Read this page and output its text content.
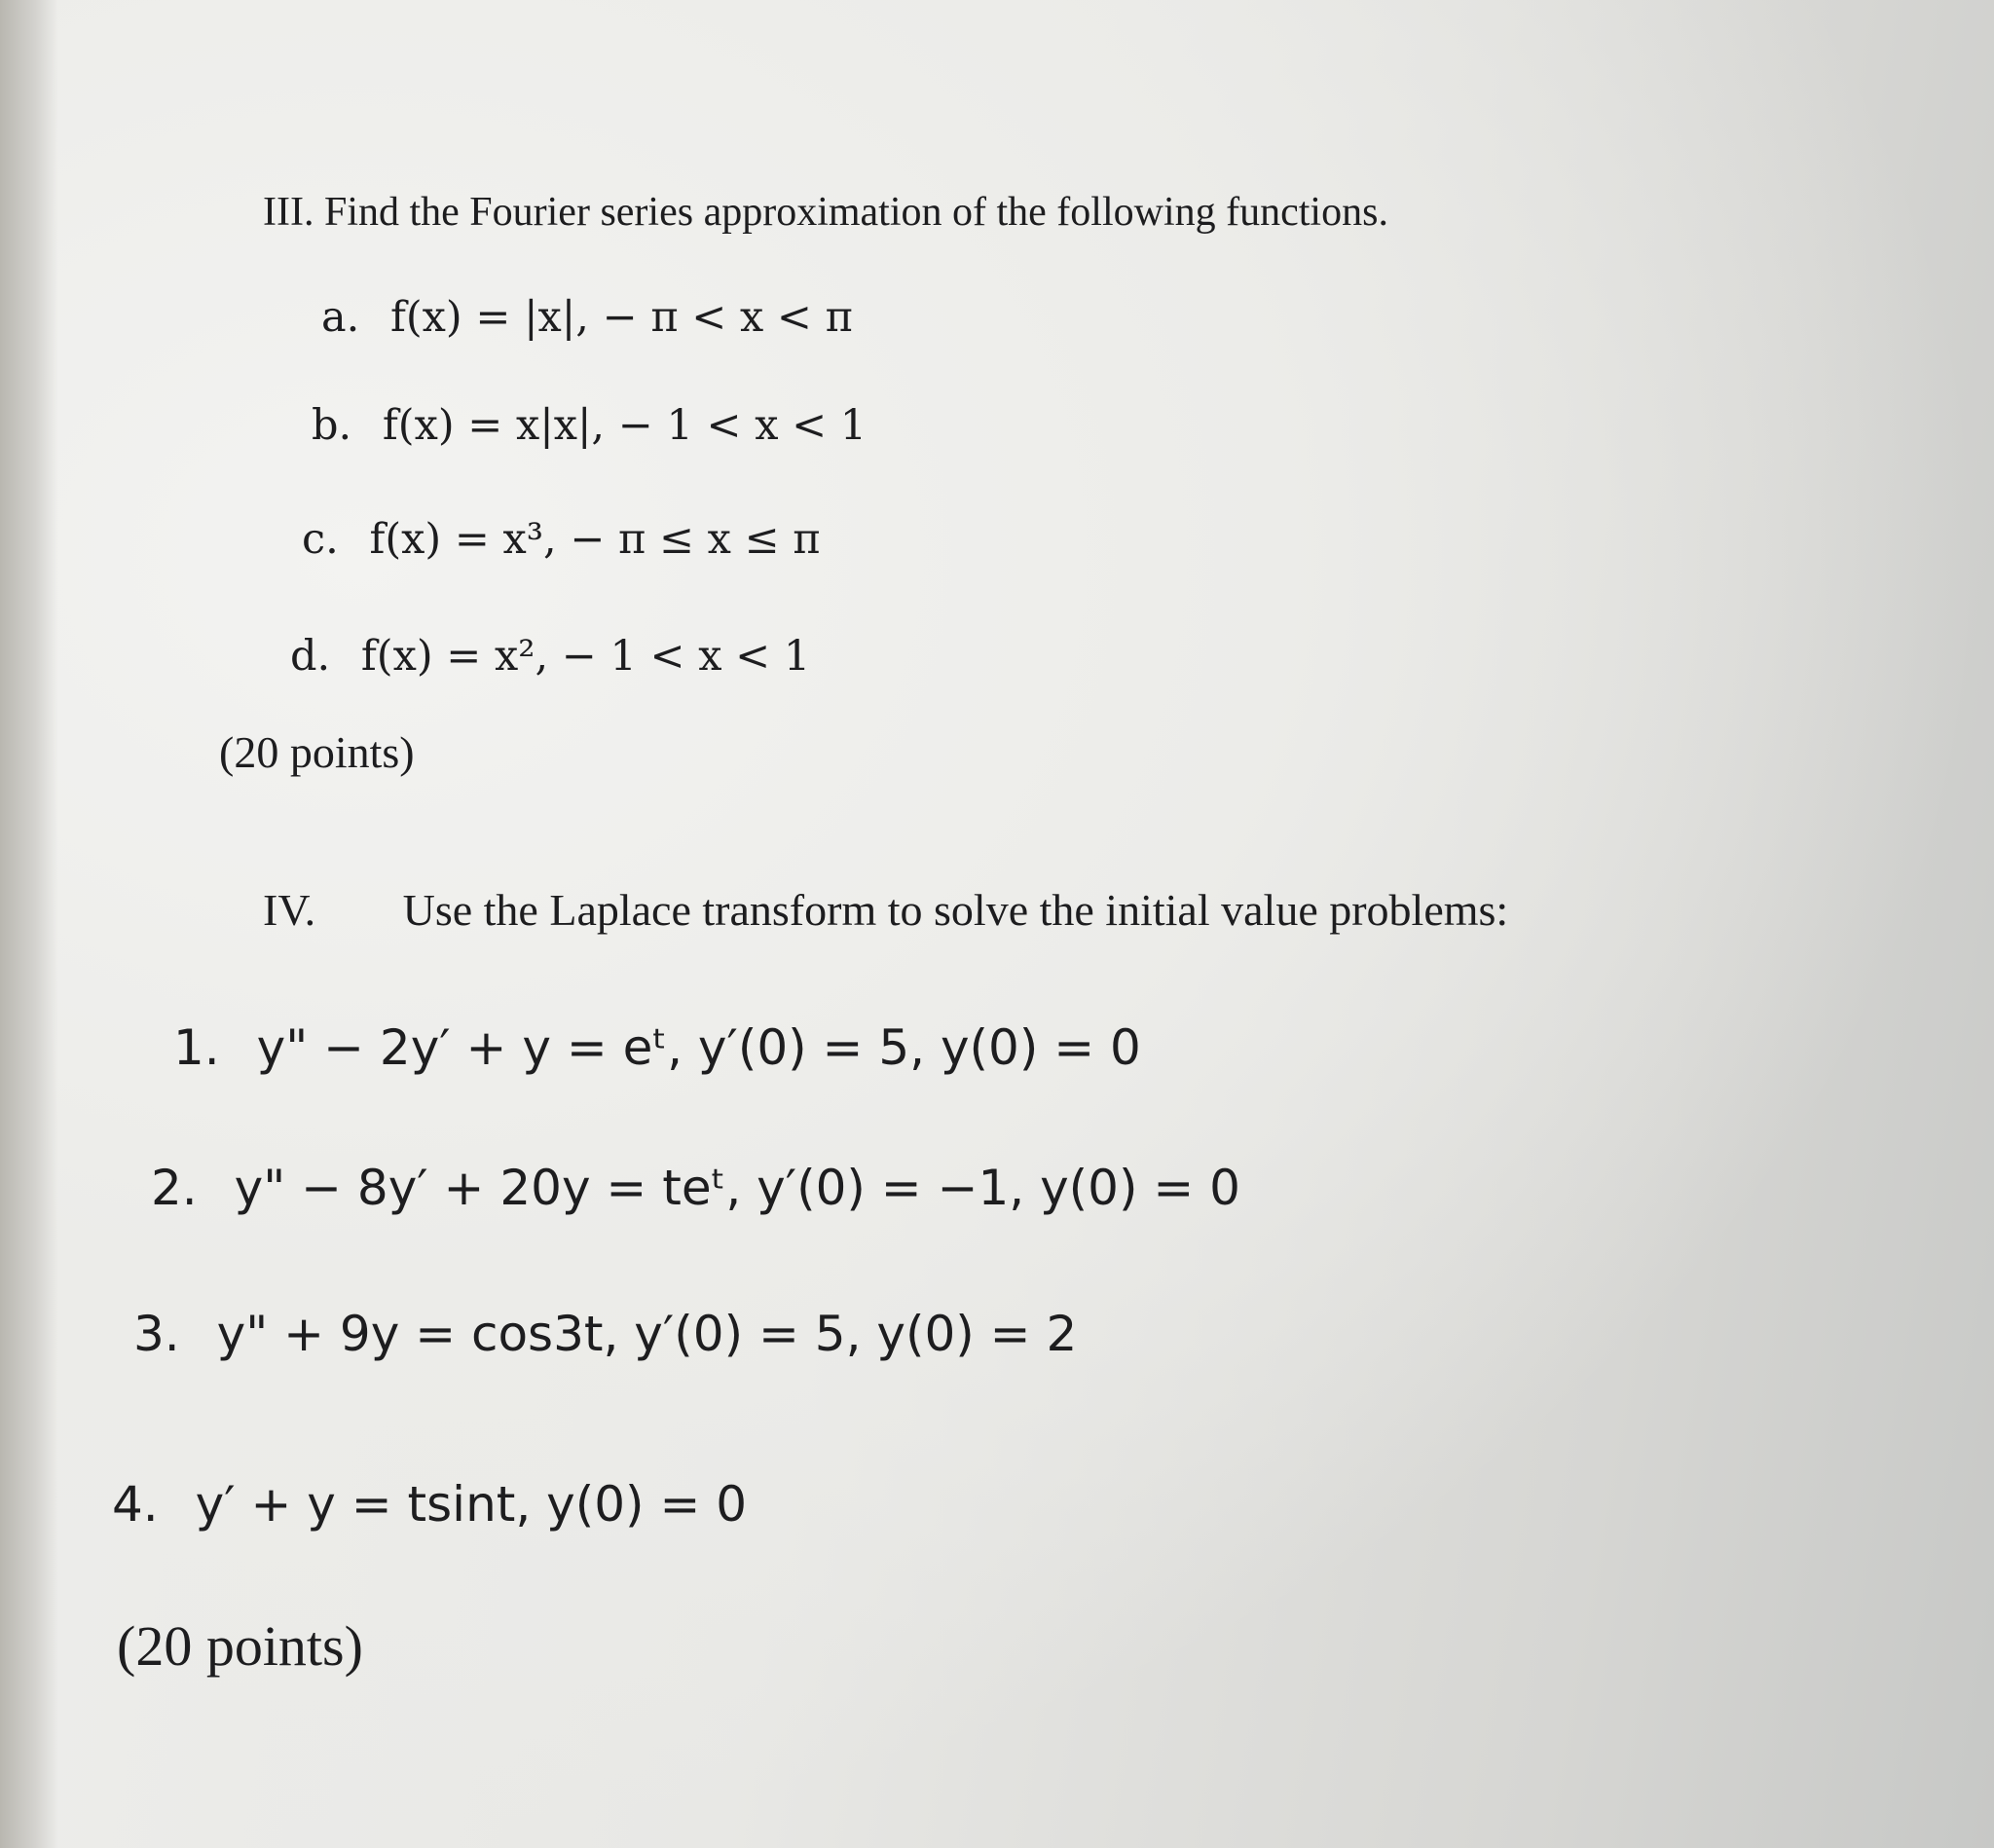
III. Find the Fourier series approximation of the following functions.
a. f(x) = |x|, − π < x < π
b. f(x) = x|x|, − 1 < x < 1
c. f(x) = x³, − π ≤ x ≤ π
d. f(x) = x², − 1 < x < 1
(20 points)
IV. Use the Laplace transform to solve the initial value problems:
1. y" − 2y′ + y = eᵗ, y′(0) = 5, y(0) = 0
2. y" − 8y′ + 20y = teᵗ, y′(0) = −1, y(0) = 0
3. y" + 9y = cos3t, y′(0) = 5, y(0) = 2
4. y′ + y = tsint, y(0) = 0
(20 points)
